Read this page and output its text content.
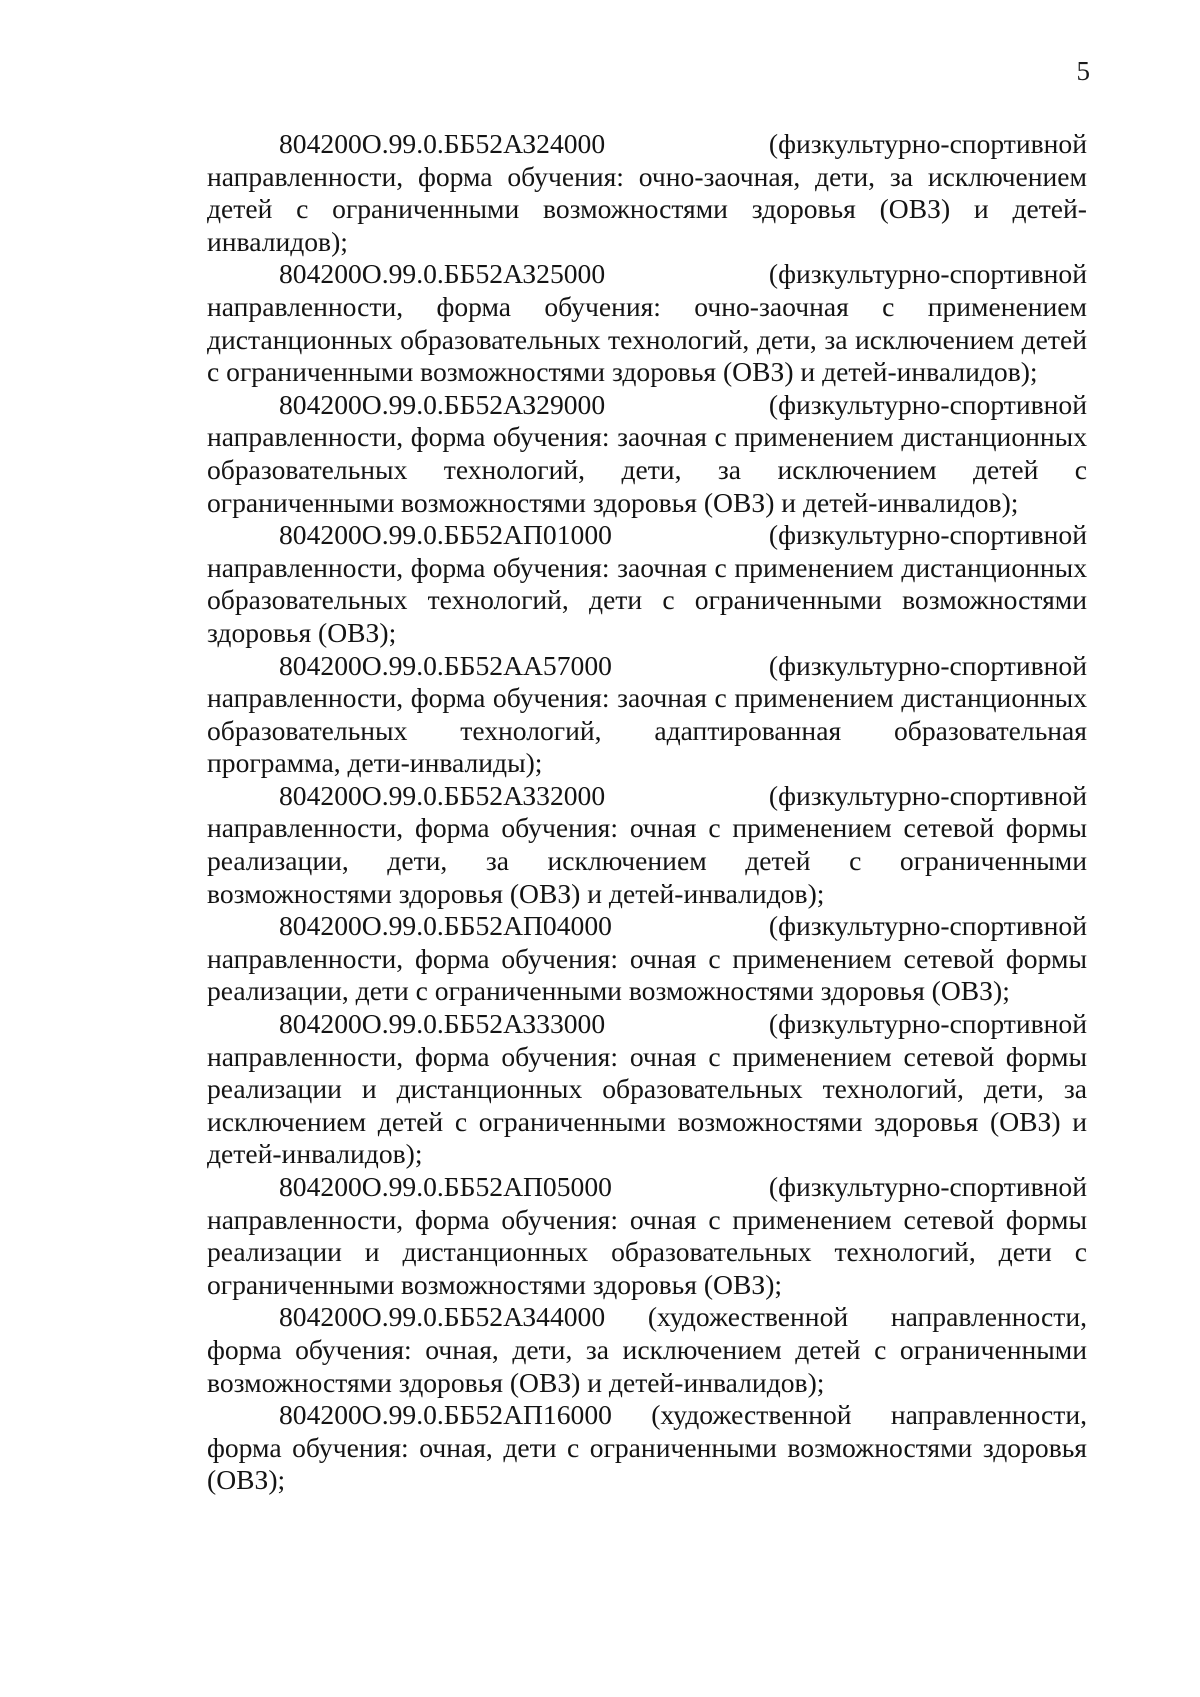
5
804200О.99.0.ББ52АЗ24000 (физкультурно-спортивной направленности, форма обучения: очно-заочная, дети, за исключением детей с ограниченными возможностями здоровья (ОВЗ) и детей-инвалидов);
804200О.99.0.ББ52АЗ25000 (физкультурно-спортивной направленности, форма обучения: очно-заочная с применением дистанционных образовательных технологий, дети, за исключением детей с ограниченными возможностями здоровья (ОВЗ) и детей-инвалидов);
804200О.99.0.ББ52АЗ29000 (физкультурно-спортивной направленности, форма обучения: заочная с применением дистанционных образовательных технологий, дети, за исключением детей с ограниченными возможностями здоровья (ОВЗ) и детей-инвалидов);
804200О.99.0.ББ52АП01000 (физкультурно-спортивной направленности, форма обучения: заочная с применением дистанционных образовательных технологий, дети с ограниченными возможностями здоровья (ОВЗ);
804200О.99.0.ББ52АА57000 (физкультурно-спортивной направленности, форма обучения: заочная с применением дистанционных образовательных технологий, адаптированная образовательная программа, дети-инвалиды);
804200О.99.0.ББ52АЗ32000 (физкультурно-спортивной направленности, форма обучения: очная с применением сетевой формы реализации, дети, за исключением детей с ограниченными возможностями здоровья (ОВЗ) и детей-инвалидов);
804200О.99.0.ББ52АП04000 (физкультурно-спортивной направленности, форма обучения: очная с применением сетевой формы реализации, дети с ограниченными возможностями здоровья (ОВЗ);
804200О.99.0.ББ52АЗ33000 (физкультурно-спортивной направленности, форма обучения: очная с применением сетевой формы реализации и дистанционных образовательных технологий, дети, за исключением детей с ограниченными возможностями здоровья (ОВЗ) и детей-инвалидов);
804200О.99.0.ББ52АП05000 (физкультурно-спортивной направленности, форма обучения: очная с применением сетевой формы реализации и дистанционных образовательных технологий, дети с ограниченными возможностями здоровья (ОВЗ);
804200О.99.0.ББ52АЗ44000 (художественной направленности, форма обучения: очная, дети, за исключением детей с ограниченными возможностями здоровья (ОВЗ) и детей-инвалидов);
804200О.99.0.ББ52АП16000 (художественной направленности, форма обучения: очная, дети с ограниченными возможностями здоровья (ОВЗ);
